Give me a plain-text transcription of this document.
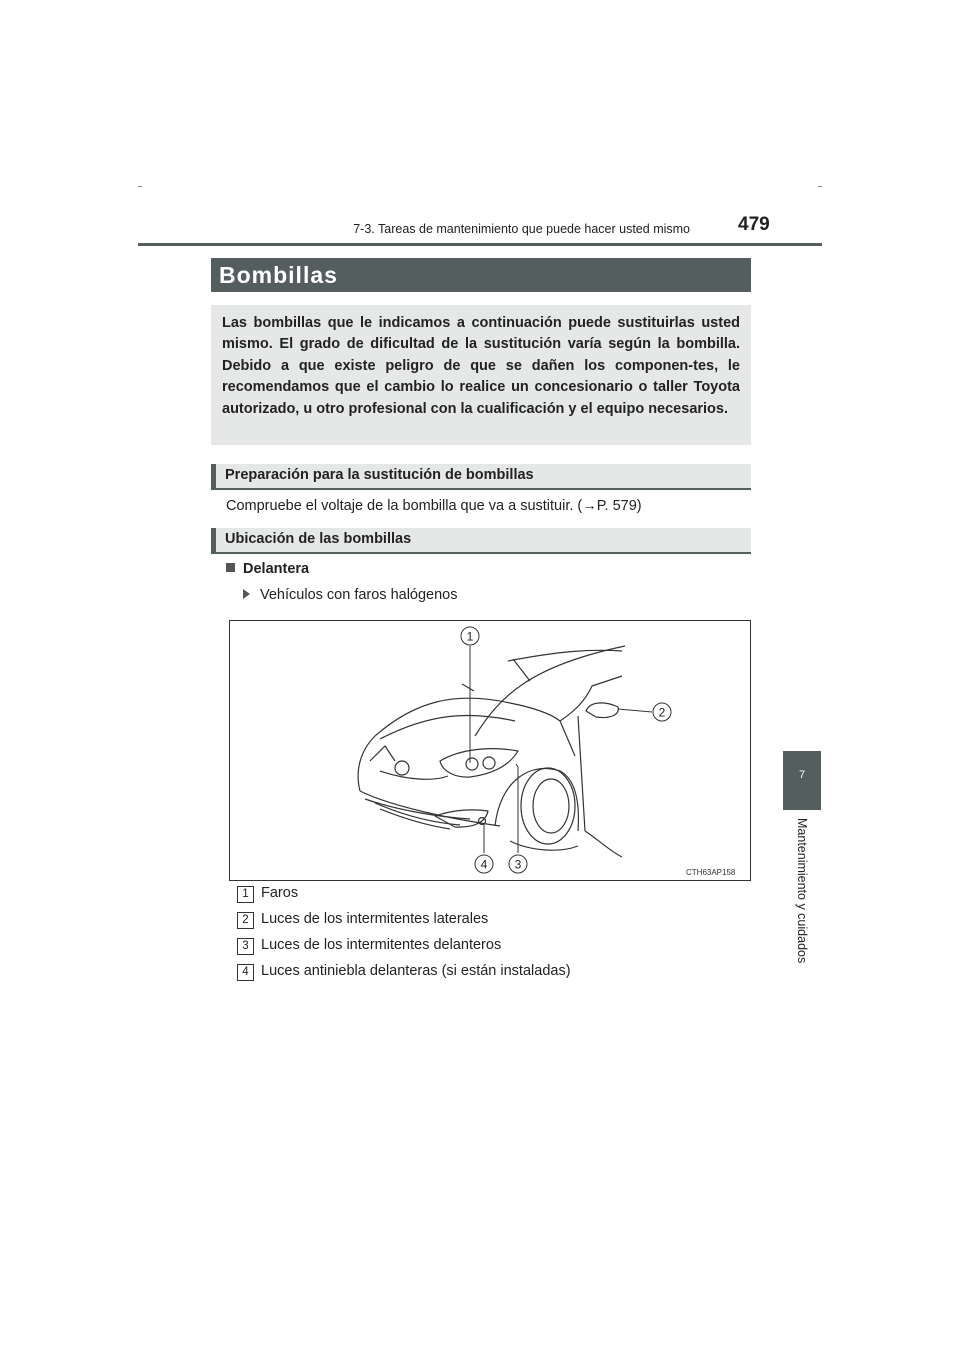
7-3. Tareas de mantenimiento que puede hacer usted mismo	479
Bombillas
Las bombillas que le indicamos a continuación puede sustituirlas usted mismo. El grado de dificultad de la sustitución varía según la bombilla. Debido a que existe peligro de que se dañen los componen-tes, le recomendamos que el cambio lo realice un concesionario o taller Toyota autorizado, u otro profesional con la cualificación y el equipo necesarios.
Preparación para la sustitución de bombillas
Compruebe el voltaje de la bombilla que va a sustituir. (→P. 579)
Ubicación de las bombillas
Delantera
Vehículos con faros halógenos
1
2
3
4
CTH63AP158
1 Faros
2 Luces de los intermitentes laterales
3 Luces de los intermitentes delanteros
4 Luces antiniebla delanteras (si están instaladas)
7
Mantenimiento y cuidados
